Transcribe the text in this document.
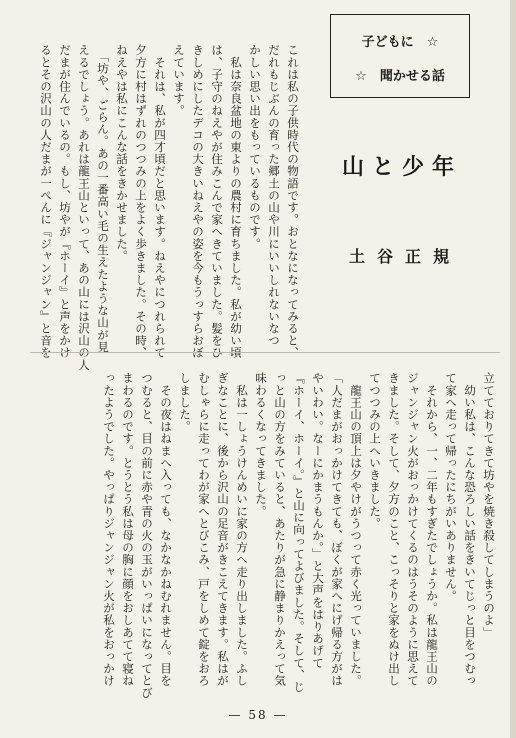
これは私の子供時代の物語です。おとなになってみると、
だれもじぶんの育った郷土の山や川にいいしれないなつ
かしい思い出をもっているものです。
　私は奈良盆地の東よりの農村に育ちました。私が幼い頃
は、子守のねえやが住みこんで家へきていました。髪をひ
きしめにしたデコの大きいねえやの姿を今もうっすらおぼ
えています。
　それは、私が四才頃だと思います。ねえやにつれられて
夕方に村はずれのつつみの上をよく歩きました。その時、
ねえやは私にこんな話をきかせました。
　「坊や、ごらん。あの一番高い毛の生えたような山が見
えるでしょう。あれは龍王山といって、あの山には沢山の人
だまが住んでいるの。もし、坊やが『ホーイ』と声をかけ
るとその沢山の人だまが一ぺんに『ジャンジャン』と音を
子どもに　☆
☆　聞かせる話
山と少年
土谷正規
立てておりてきて坊やを焼き殺してしまうのよ」
　幼い私は、こんな恐ろしい話をきいてじっと目をつむっ
て家へ走って帰ったにちがいありません。
　それから、一、二年もすぎたでしょうか。私は龍王山の
ジャンジャン火がおっかけてくるのはうそのように思えて
きました。そして、夕方のこと、こっそりと家をぬけ出し
てつつみの上へいきました。
　龍王山の頂上は夕やけがうつって赤く光っていました。
「人だまがおっかけてきても、ぼくが家へにげ帰る方がは
やいわい。なーにかまうもんか。」と大声をはりあげて
『ホーイ、ホーイ。』と山に向ってよびました。そして、じ
っと山の方をみていると、あたりが急に静まりかえって気
味わるくなってきました。
　私は一しょうけんめいに家の方へ走り出しました。ふし
ぎなことに、後から沢山の足音がきこえてきます。私はが
むしゃらに走ってわが家へとびこみ、戸をしめて錠をおろ
しました。
　その夜はねまへ入っても、なかなかねむれません。目を
つむると、目の前に赤や青の火の玉がいっぱいになってとび
まわるのです。とうとう私は母の胸に顔をおしあてて寝ね
ったようでした。やっぱりジャンジャン火が私をおっかけ
— 58 —
